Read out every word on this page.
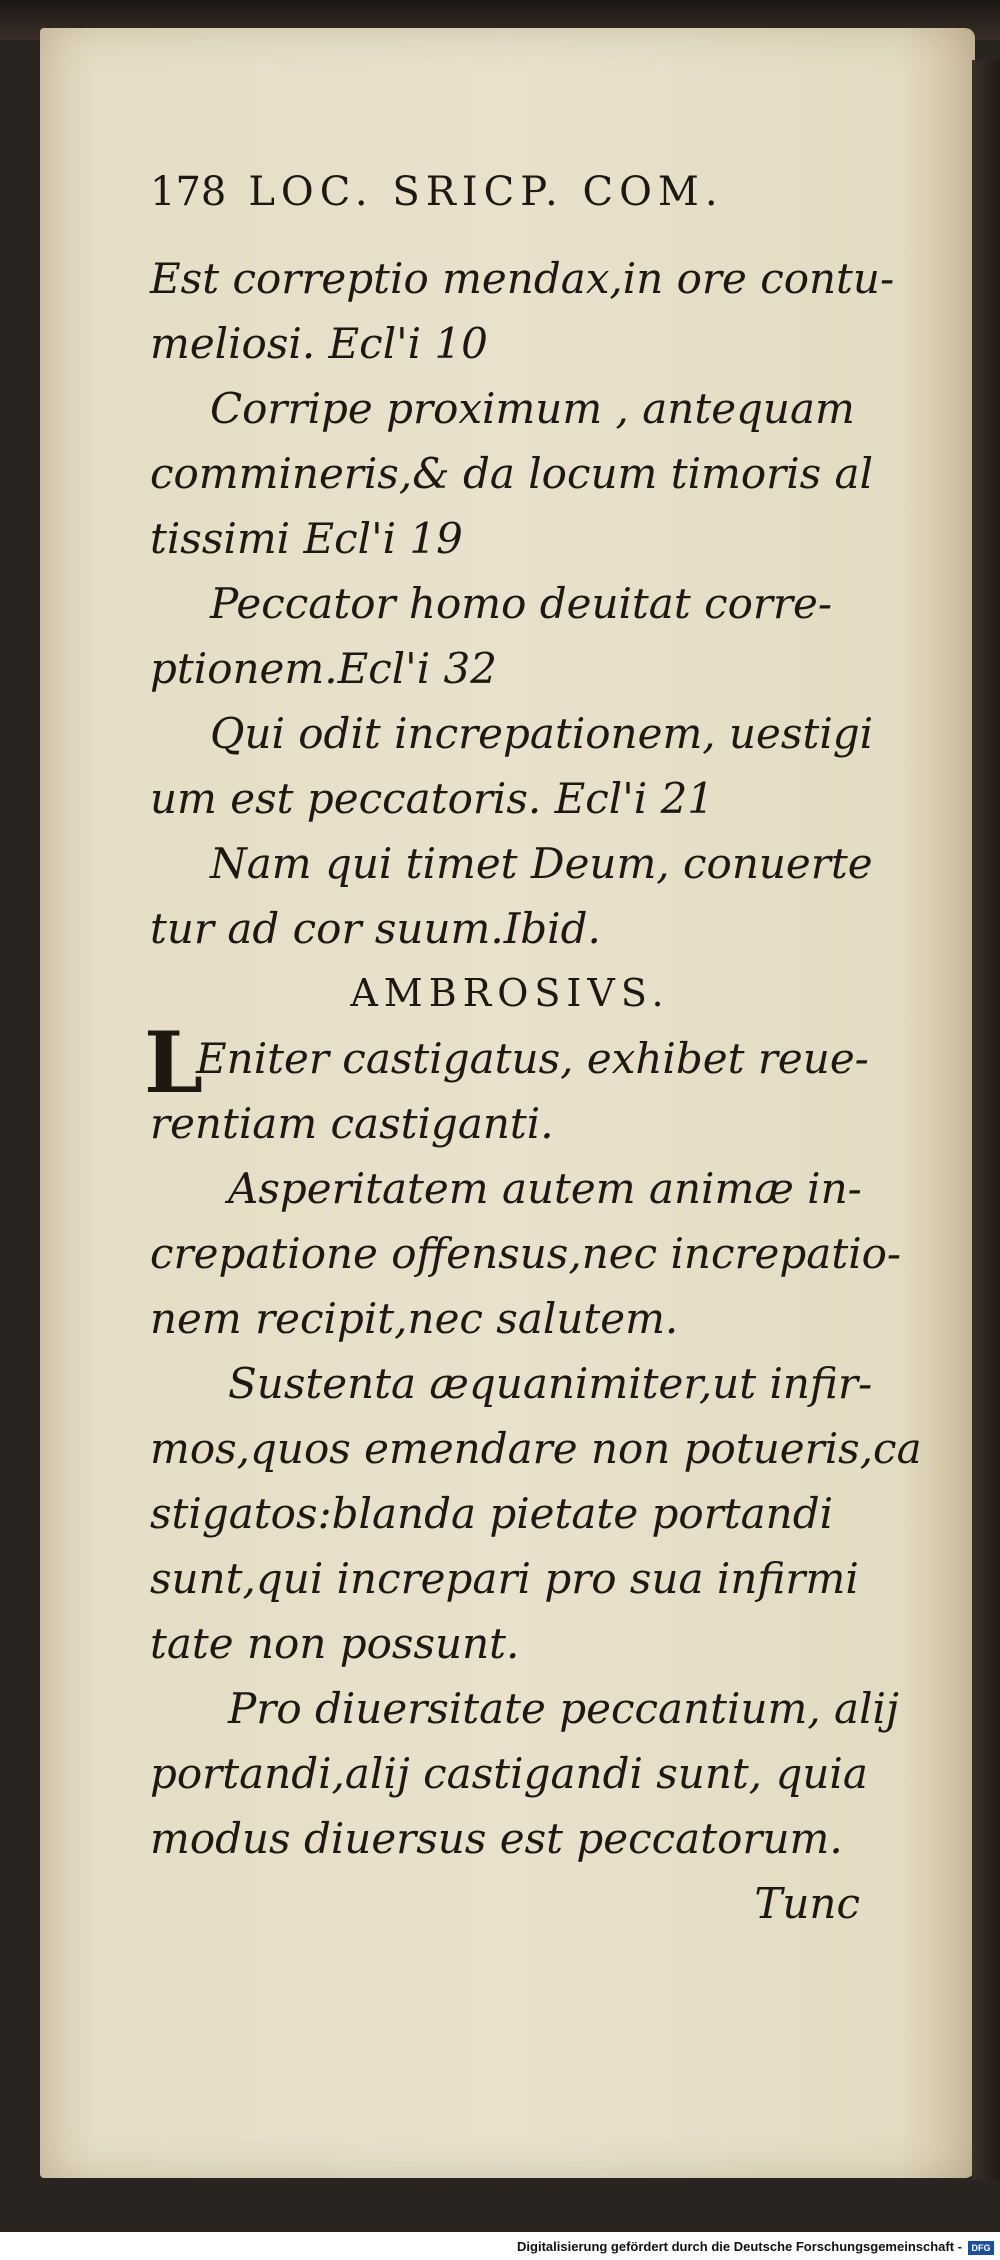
178 LOC. SRICP. COM.
Est correptio mendax,in ore contu-
meliosi. Ecl'i 10
Corripe proximum , antequam
commineris,& da locum timoris al
tissimi Ecl'i 19
Peccator homo deuitat corre-
ptionem.Ecl'i 32
Qui odit increpationem, uestigi
um est peccatoris. Ecl'i 21
Nam qui timet Deum, conuerte
tur ad cor suum.Ibid.
AMBROSIVS.
L
Eniter castigatus, exhibet reue-
rentiam castiganti.
Asperitatem autem animæ in-
crepatione offensus,nec increpatio-
nem recipit,nec salutem.
Sustenta æquanimiter,ut infir-
mos,quos emendare non potueris,ca
stigatos:blanda pietate portandi
sunt,qui increpari pro sua infirmi
tate non possunt.
Pro diuersitate peccantium, alij
portandi,alij castigandi sunt, quia
modus diuersus est peccatorum.
Tunc
Digitalisierung gefördert durch die Deutsche Forschungsgemeinschaft -	DFG
